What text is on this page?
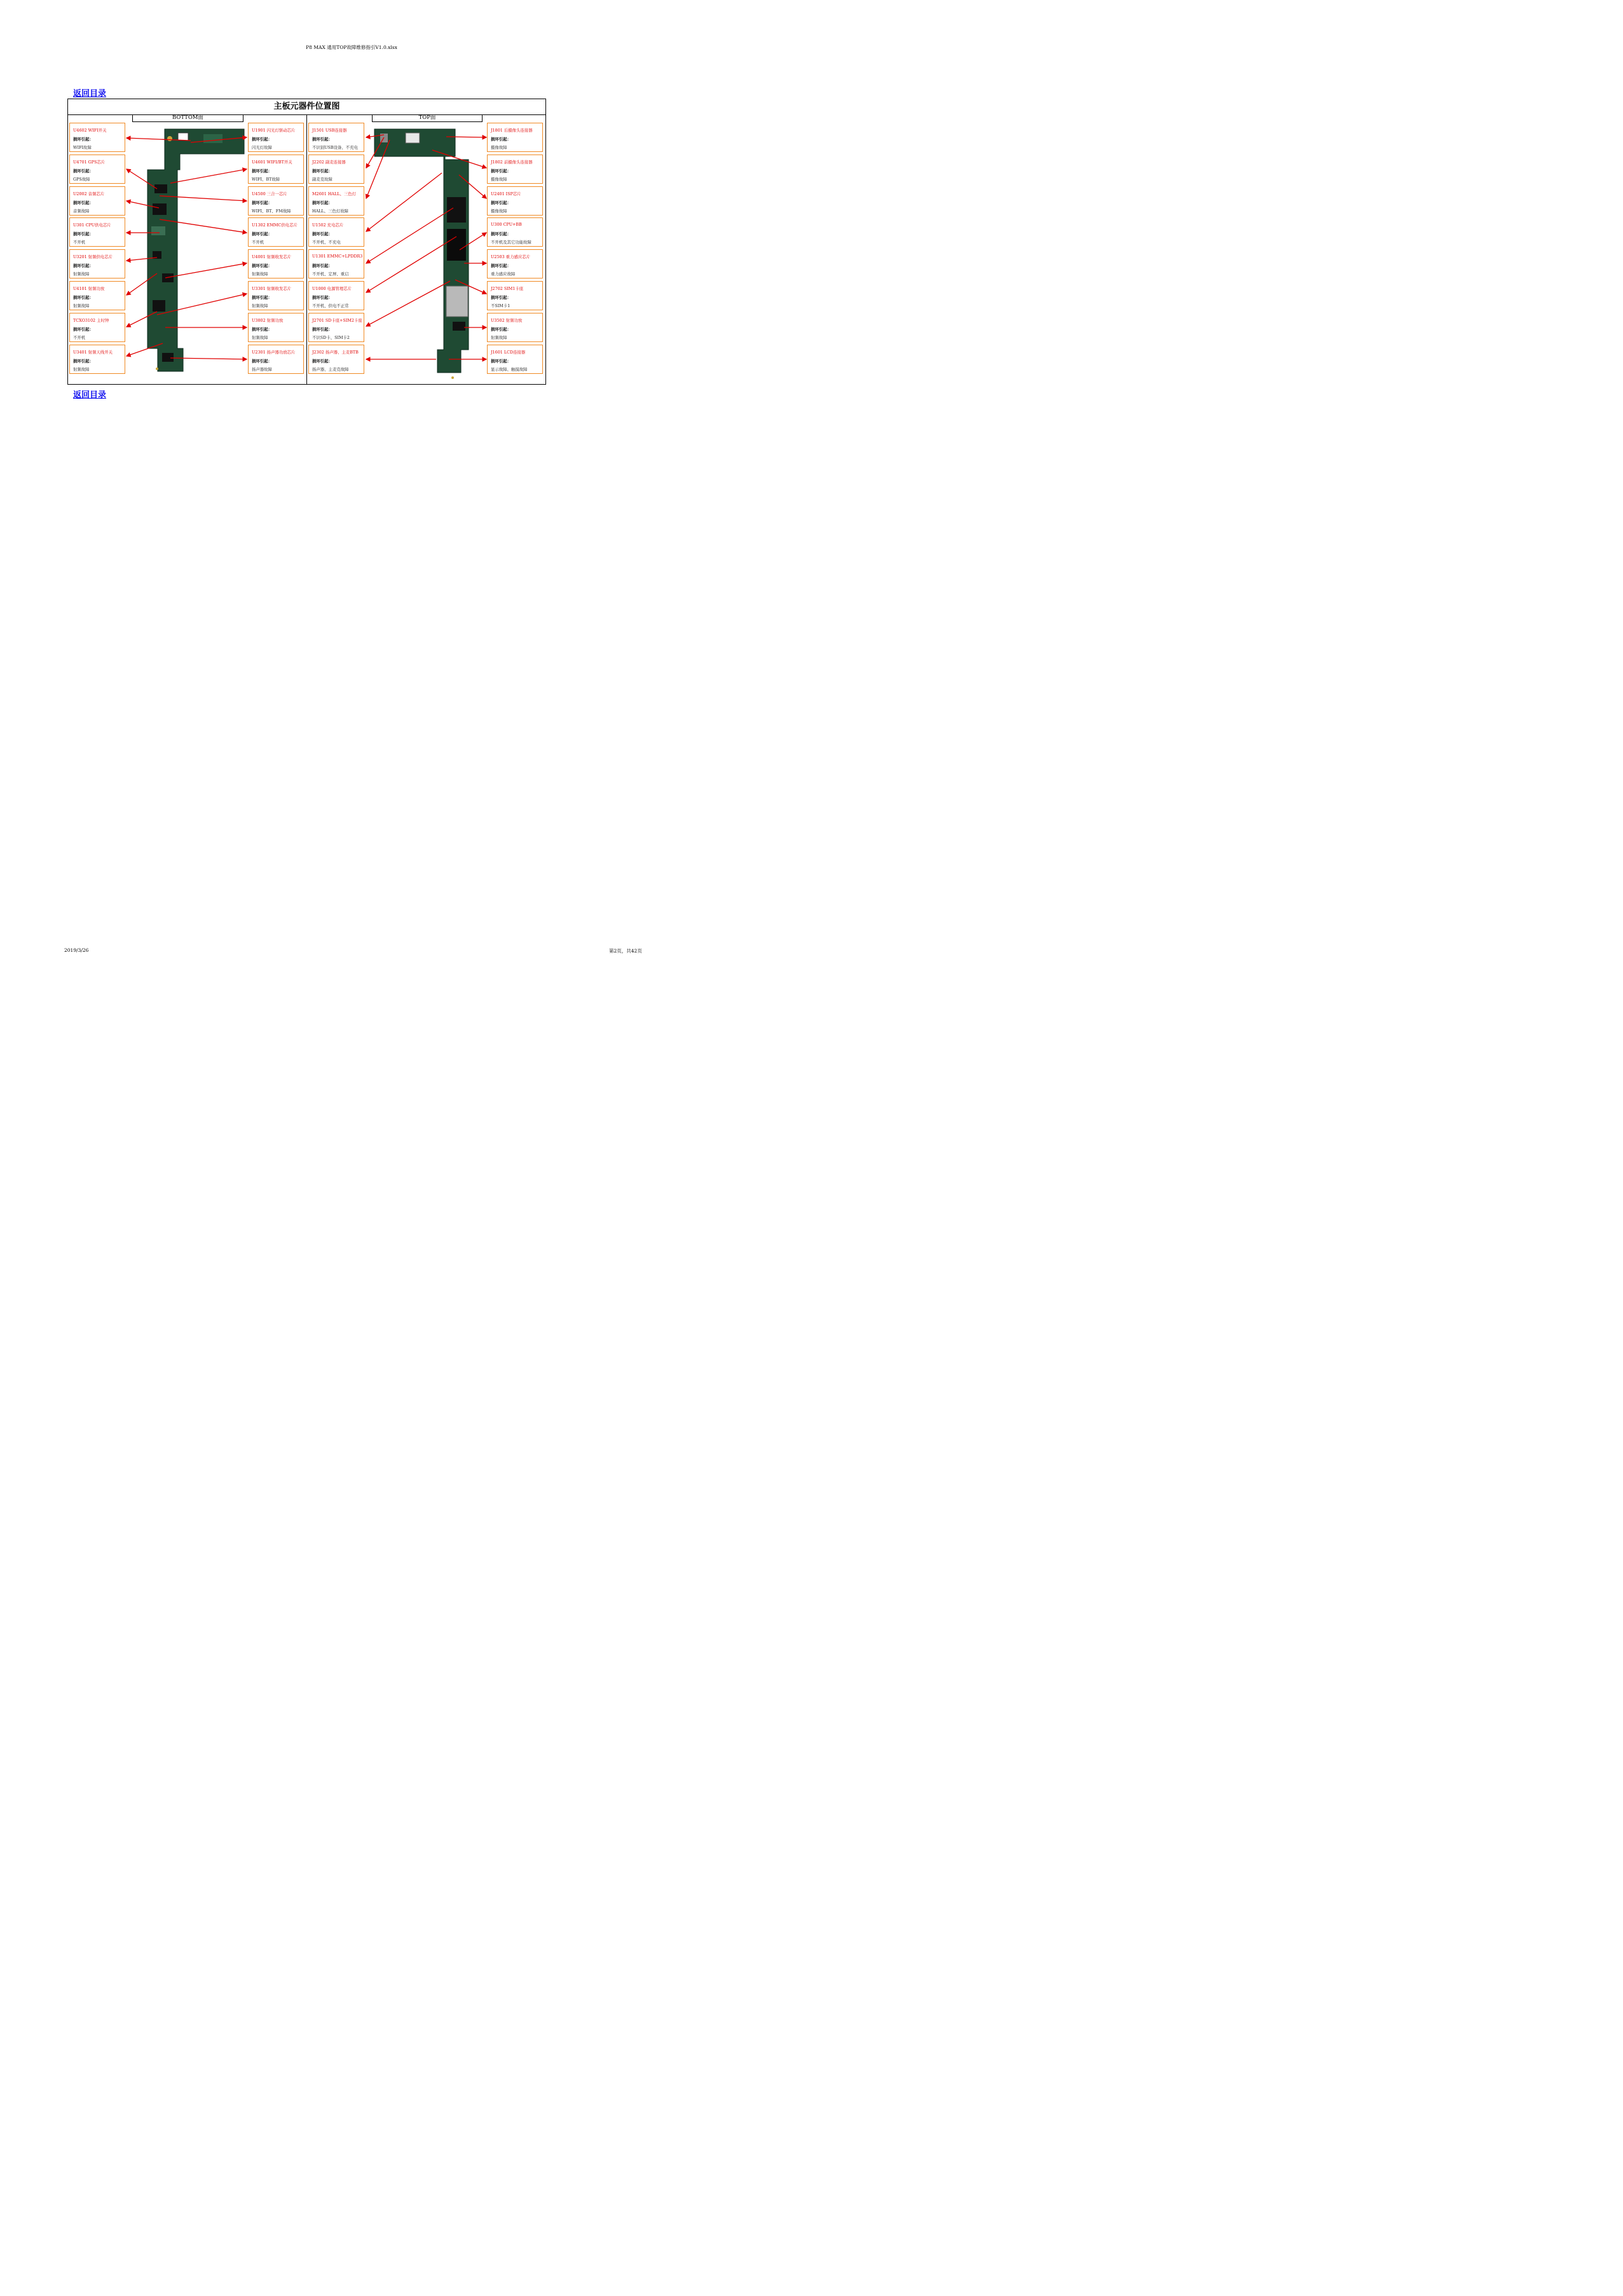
P8 MAX 通用TOP故障维修指引V1.0.xlsx
返回目录
主板元器件位置图
BOTTOM面	TOP面
U4602 WIFI开关
损坏引起：
WIFI故障
U4701 GPS芯片
损坏引起：
GPS故障
U2002 音频芯片
损坏引起：
音频故障
U301 CPU供电芯片
损坏引起：
不开机
U3201 射频供电芯片
损坏引起：
射频故障
U4101 射频功放
损坏引起：
射频故障
TCXO3102 主时钟
损坏引起：
不开机
U3401 射频天线开关
损坏引起：
射频故障
U1901 闪光灯驱动芯片
损坏引起：
闪光灯故障
U4601 WIFI/BT开关
损坏引起：
WIFI、BT故障
U4500 三合一芯片
损坏引起：
WIFI、BT、FM故障
U1302 EMMC供电芯片
损坏引起：
不开机
U4001 射频收发芯片
损坏引起：
射频故障
U3301 射频收发芯片
损坏引起：
射频故障
U3802 射频功放
损坏引起：
射频故障
U2301 扬声器功放芯片
损坏引起：
扬声器故障
J1501 USB连接器
损坏引起：
不识别USB设备、不充电
J2202 副麦连接器
损坏引起：
副麦克故障
M2601 HALL、三色灯
损坏引起：
HALL、三色灯故障
U1502 充电芯片
损坏引起：
不开机、不充电
U1301 EMMC+LPDDR3
损坏引起：
不开机、定屏、重启
U1000 电源管理芯片
损坏引起：
不开机、供电不正常
J2701 SD卡座+SIM2卡座
损坏引起：
不识SD卡、SIM卡2
J2302 扬声器、主麦BTB
损坏引起：
扬声器、主麦克故障
J1801 后摄像头连接器
损坏引起：
摄像故障
J1802 前摄像头连接器
损坏引起：
摄像故障
U2401 ISP芯片
损坏引起：
摄像故障
U300 CPU+BB
损坏引起：
不开机及其它功能故障
U2503 重力感应芯片
损坏引起：
重力感应故障
J2702 SIM1卡座
损坏引起：
不SIM卡1
U3502 射频功放
损坏引起：
射频故障
J1601 LCD连接器
损坏引起：
显示故障、触摸故障
返回目录
2019/3/26	第2页，共42页
